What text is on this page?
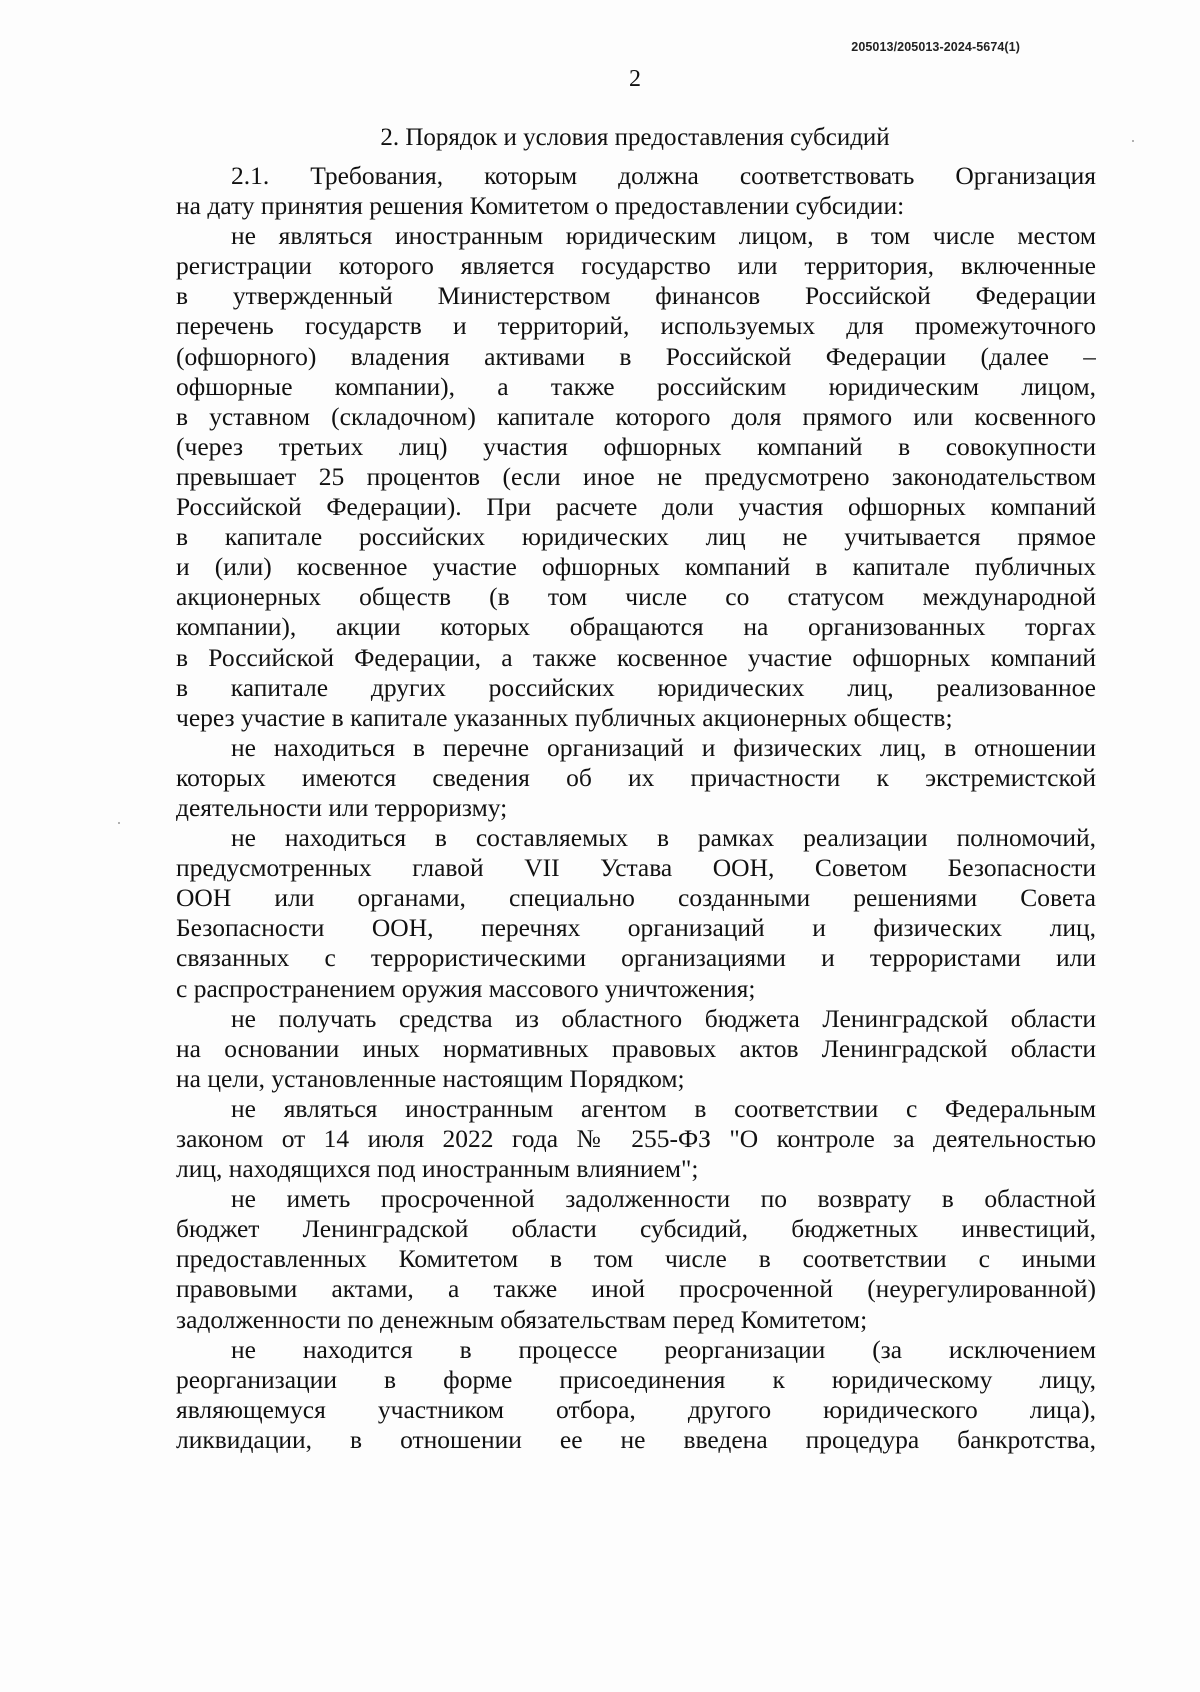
205013/205013-2024-5674(1)
2
2. Порядок и условия предоставления субсидий
2.1. Требования, которым должна соответствовать Организация
на дату принятия решения Комитетом о предоставлении субсидии:
не являться иностранным юридическим лицом, в том числе местом
регистрации которого является государство или территория, включенные
в утвержденный Министерством финансов Российской Федерации
перечень государств и территорий, используемых для промежуточного
(офшорного) владения активами в Российской Федерации (далее –
офшорные компании), а также российским юридическим лицом,
в уставном (складочном) капитале которого доля прямого или косвенного
(через третьих лиц) участия офшорных компаний в совокупности
превышает 25 процентов (если иное не предусмотрено законодательством
Российской Федерации). При расчете доли участия офшорных компаний
в капитале российских юридических лиц не учитывается прямое
и (или) косвенное участие офшорных компаний в капитале публичных
акционерных обществ (в том числе со статусом международной
компании), акции которых обращаются на организованных торгах
в Российской Федерации, а также косвенное участие офшорных компаний
в капитале других российских юридических лиц, реализованное
через участие в капитале указанных публичных акционерных обществ;
не находиться в перечне организаций и физических лиц, в отношении
которых имеются сведения об их причастности к экстремистской
деятельности или терроризму;
не находиться в составляемых в рамках реализации полномочий,
предусмотренных главой VII Устава ООН, Советом Безопасности
ООН или органами, специально созданными решениями Совета
Безопасности ООН, перечнях организаций и физических лиц,
связанных с террористическими организациями и террористами или
с распространением оружия массового уничтожения;
не получать средства из областного бюджета Ленинградской области
на основании иных нормативных правовых актов Ленинградской области
на цели, установленные настоящим Порядком;
не являться иностранным агентом в соответствии с Федеральным
законом от 14 июля 2022 года № 255-ФЗ "О контроле за деятельностью
лиц, находящихся под иностранным влиянием";
не иметь просроченной задолженности по возврату в областной
бюджет Ленинградской области субсидий, бюджетных инвестиций,
предоставленных Комитетом в том числе в соответствии с иными
правовыми актами, а также иной просроченной (неурегулированной)
задолженности по денежным обязательствам перед Комитетом;
не находится в процессе реорганизации (за исключением
реорганизации в форме присоединения к юридическому лицу,
являющемуся участником отбора, другого юридического лица),
ликвидации, в отношении ее не введена процедура банкротства,
